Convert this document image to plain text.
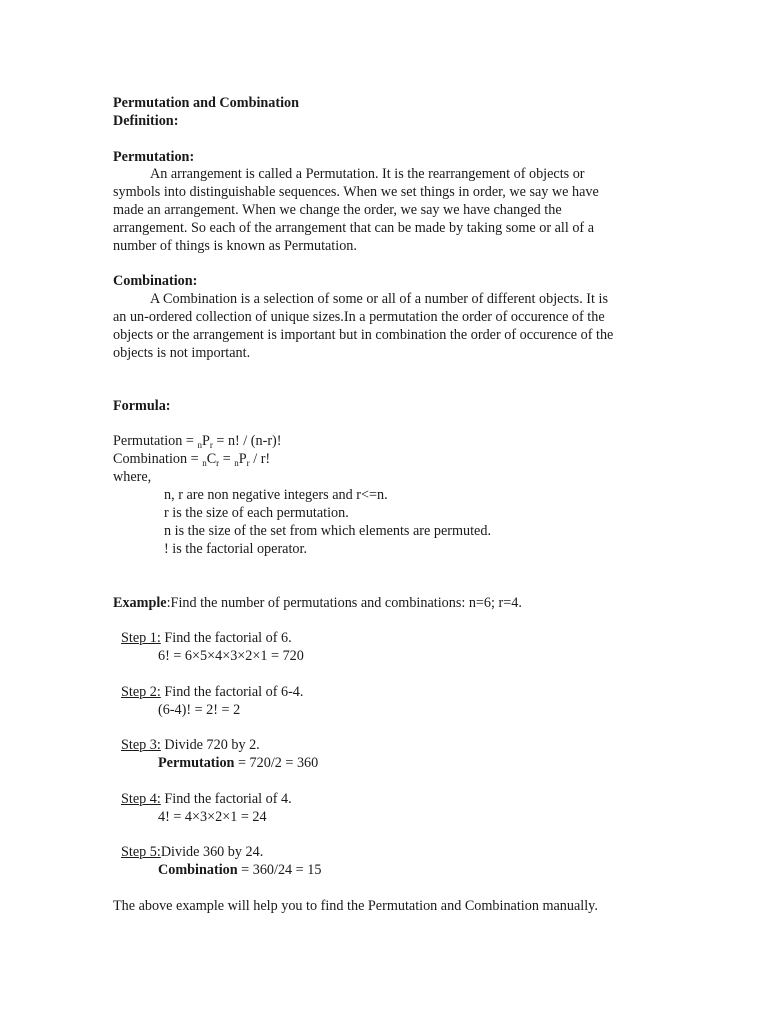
Permutation and Combination
Definition:
Permutation:
An arrangement is called a Permutation. It is the rearrangement of objects or
symbols into distinguishable sequences. When we set things in order, we say we have
made an arrangement. When we change the order, we say we have changed the
arrangement. So each of the arrangement that can be made by taking some or all of a
number of things is known as Permutation.
Combination:
A Combination is a selection of some or all of a number of different objects. It is
an un-ordered collection of unique sizes.In a permutation the order of occurence of the
objects or the arrangement is important but in combination the order of occurence of the
objects is not important.
Formula:
Permutation = $_nP_r = n$! / (n-r)!
Combination = $_nC_r = _nP_r / r$!
where,
n, r are non negative integers and r<=n.
r is the size of each permutation.
n is the size of the set from which elements are permuted.
! is the factorial operator.
Example:Find the number of permutations and combinations: n=6; r=4.
Step 1: Find the factorial of 6.
6! = 6×5×4×3×2×1 = 720
Step 2: Find the factorial of 6-4.
(6-4)! = 2! = 2
Step 3: Divide 720 by 2.
Permutation = 720/2 = 360
Step 4: Find the factorial of 4.
4! = 4×3×2×1 = 24
Step 5:Divide 360 by 24.
Combination = 360/24 = 15
The above example will help you to find the Permutation and Combination manually.
